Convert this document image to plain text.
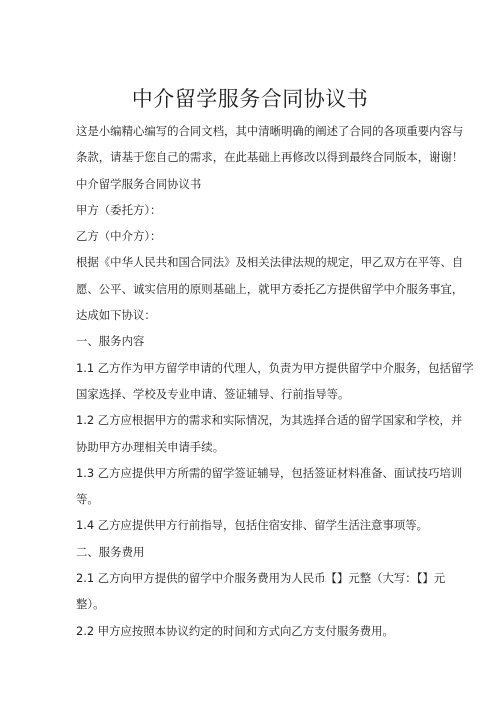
中介留学服务合同协议书
这是小编精心编写的合同文档，其中清晰明确的阐述了合同的各项重要内容与
条款，请基于您自己的需求，在此基础上再修改以得到最终合同版本，谢谢！
中介留学服务合同协议书
甲方（委托方）：
乙方（中介方）：
根据《中华人民共和国合同法》及相关法律法规的规定，甲乙双方在平等、自
愿、公平、诚实信用的原则基础上，就甲方委托乙方提供留学中介服务事宜，
达成如下协议：
一、服务内容
1.1 乙方作为甲方留学申请的代理人，负责为甲方提供留学中介服务，包括留学
国家选择、学校及专业申请、签证辅导、行前指导等。
1.2 乙方应根据甲方的需求和实际情况，为其选择合适的留学国家和学校，并
协助甲方办理相关申请手续。
1.3 乙方应提供甲方所需的留学签证辅导，包括签证材料准备、面试技巧培训
等。
1.4 乙方应提供甲方行前指导，包括住宿安排、留学生活注意事项等。
二、服务费用
2.1 乙方向甲方提供的留学中介服务费用为人民币【】元整（大写：【】元
整）。
2.2 甲方应按照本协议约定的时间和方式向乙方支付服务费用。
